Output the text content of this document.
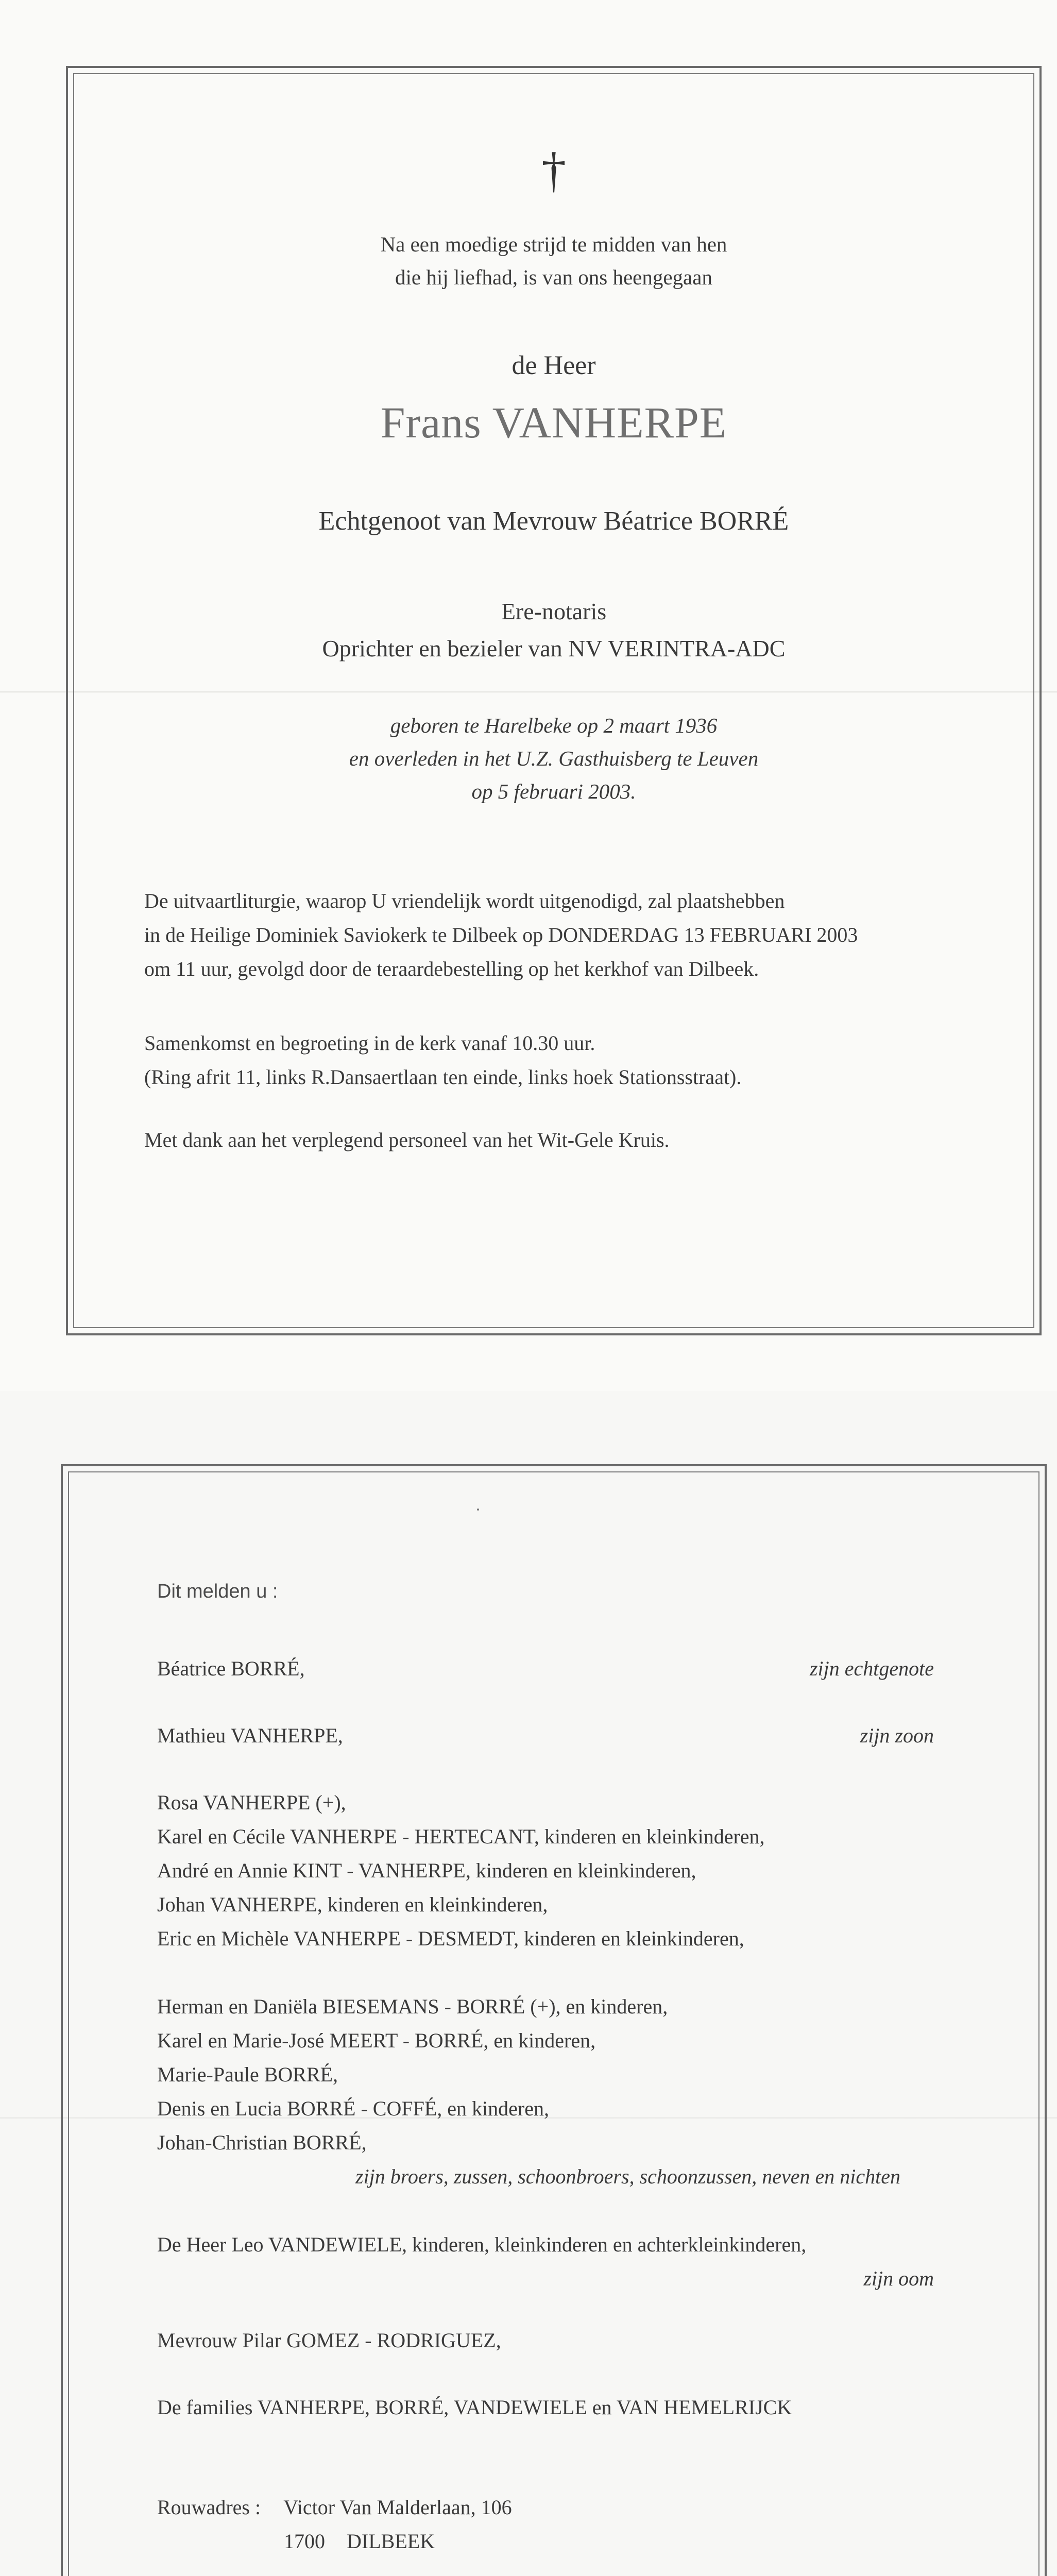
†
Na een moedige strijd te midden van hen
die hij liefhad, is van ons heengegaan
de Heer
Frans VANHERPE
Echtgenoot van Mevrouw Béatrice BORRÉ
Ere-notaris
Oprichter en bezieler van NV VERINTRA-ADC
geboren te Harelbeke op 2 maart 1936
en overleden in het U.Z. Gasthuisberg te Leuven
op 5 februari 2003.
De uitvaartliturgie, waarop U vriendelijk wordt uitgenodigd, zal plaatshebben
in de Heilige Dominiek Saviokerk te Dilbeek op DONDERDAG 13 FEBRUARI 2003
om 11 uur, gevolgd door de teraardebestelling op het kerkhof van Dilbeek.
Samenkomst en begroeting in de kerk vanaf 10.30 uur.
(Ring afrit 11, links R.Dansaertlaan ten einde, links hoek Stationsstraat).
Met dank aan het verplegend personeel van het Wit-Gele Kruis.
Dit melden u :
Béatrice BORRÉ,	zijn echtgenote
Mathieu VANHERPE,	zijn zoon
Rosa VANHERPE (+),
Karel en Cécile VANHERPE - HERTECANT, kinderen en kleinkinderen,
André en Annie KINT - VANHERPE, kinderen en kleinkinderen,
Johan VANHERPE, kinderen en kleinkinderen,
Eric en Michèle VANHERPE - DESMEDT, kinderen en kleinkinderen,
Herman en Daniëla BIESEMANS - BORRÉ (+), en kinderen,
Karel en Marie-José MEERT - BORRÉ, en kinderen,
Marie-Paule BORRÉ,
Denis en Lucia BORRÉ - COFFÉ, en kinderen,
Johan-Christian BORRÉ,
zijn broers, zussen, schoonbroers, schoonzussen, neven en nichten
De Heer Leo VANDEWIELE, kinderen, kleinkinderen en achterkleinkinderen,
zijn oom
Mevrouw Pilar GOMEZ - RODRIGUEZ,
De families VANHERPE, BORRÉ, VANDEWIELE en VAN HEMELRIJCK
Rouwadres : Victor Van Malderlaan, 106
1700 DILBEEK
